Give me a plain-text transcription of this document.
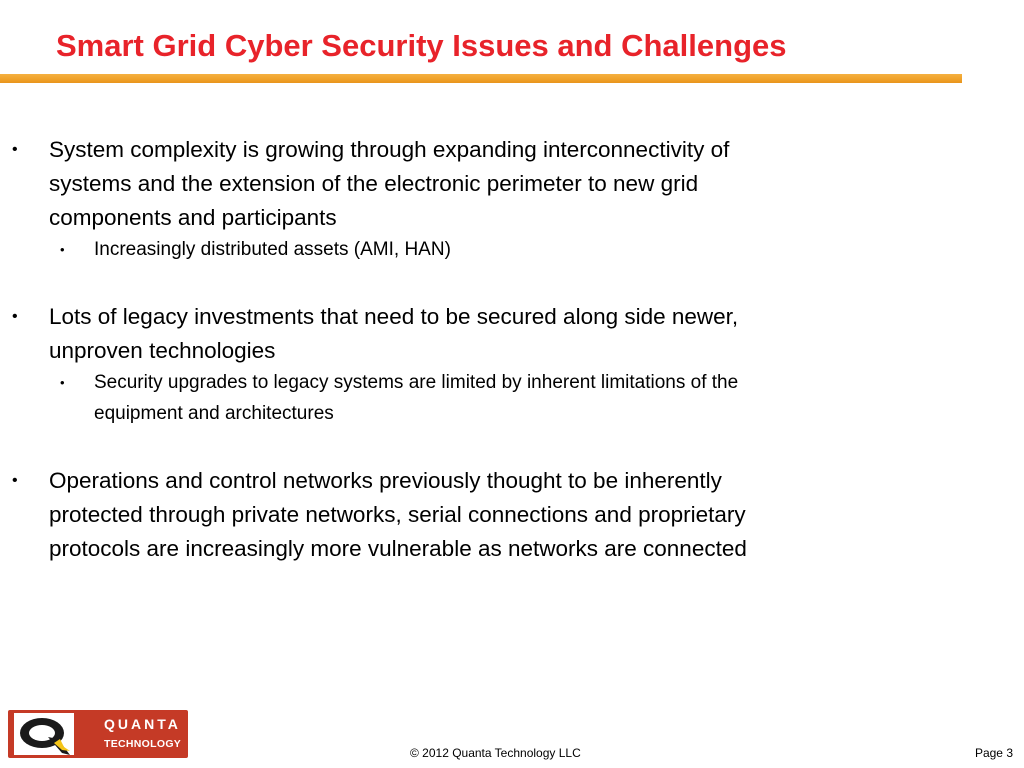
Smart Grid Cyber Security Issues and Challenges
• System complexity is growing through expanding interconnectivity of
systems and the extension of the electronic perimeter to new grid
components and participants
• Increasingly distributed assets (AMI, HAN)
• Lots of legacy investments that need to be secured along side newer,
unproven technologies
• Security upgrades to legacy systems are limited by inherent limitations of the
equipment and architectures
• Operations and control networks previously thought to be inherently
protected through private networks, serial connections and proprietary
protocols are increasingly more vulnerable as networks are connected
QUANTA
TECHNOLOGY
© 2012 Quanta Technology LLC	Page 3
